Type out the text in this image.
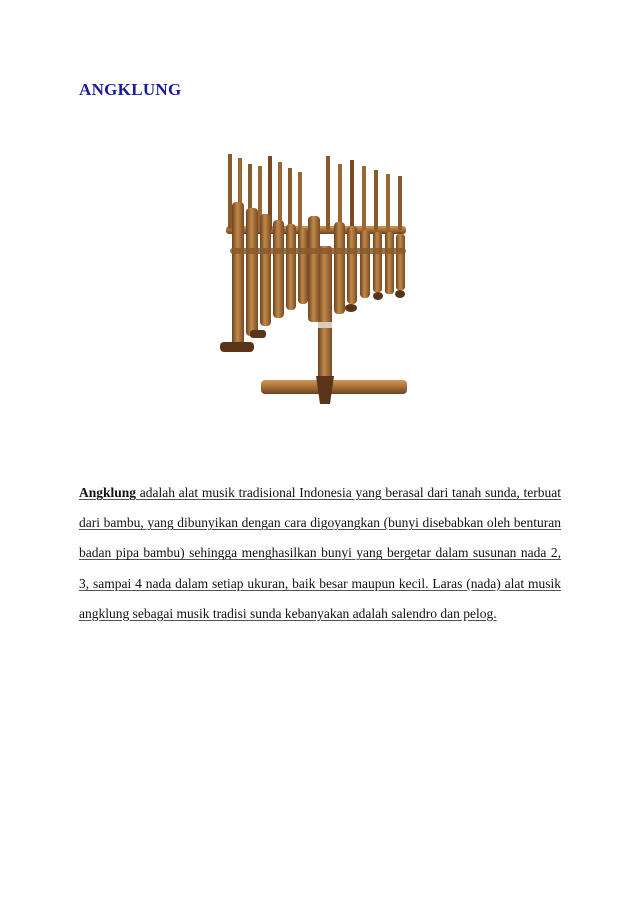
ANGKLUNG

Angklung adalah alat musik tradisional Indonesia yang berasal dari tanah sunda, terbuat dari bambu, yang dibunyikan dengan cara digoyangkan (bunyi disebabkan oleh benturan badan pipa bambu) sehingga menghasilkan bunyi yang bergetar dalam susunan nada 2, 3, sampai 4 nada dalam setiap ukuran, baik besar maupun kecil. Laras (nada) alat musik angklung sebagai musik tradisi sunda kebanyakan adalah salendro dan pelog.
